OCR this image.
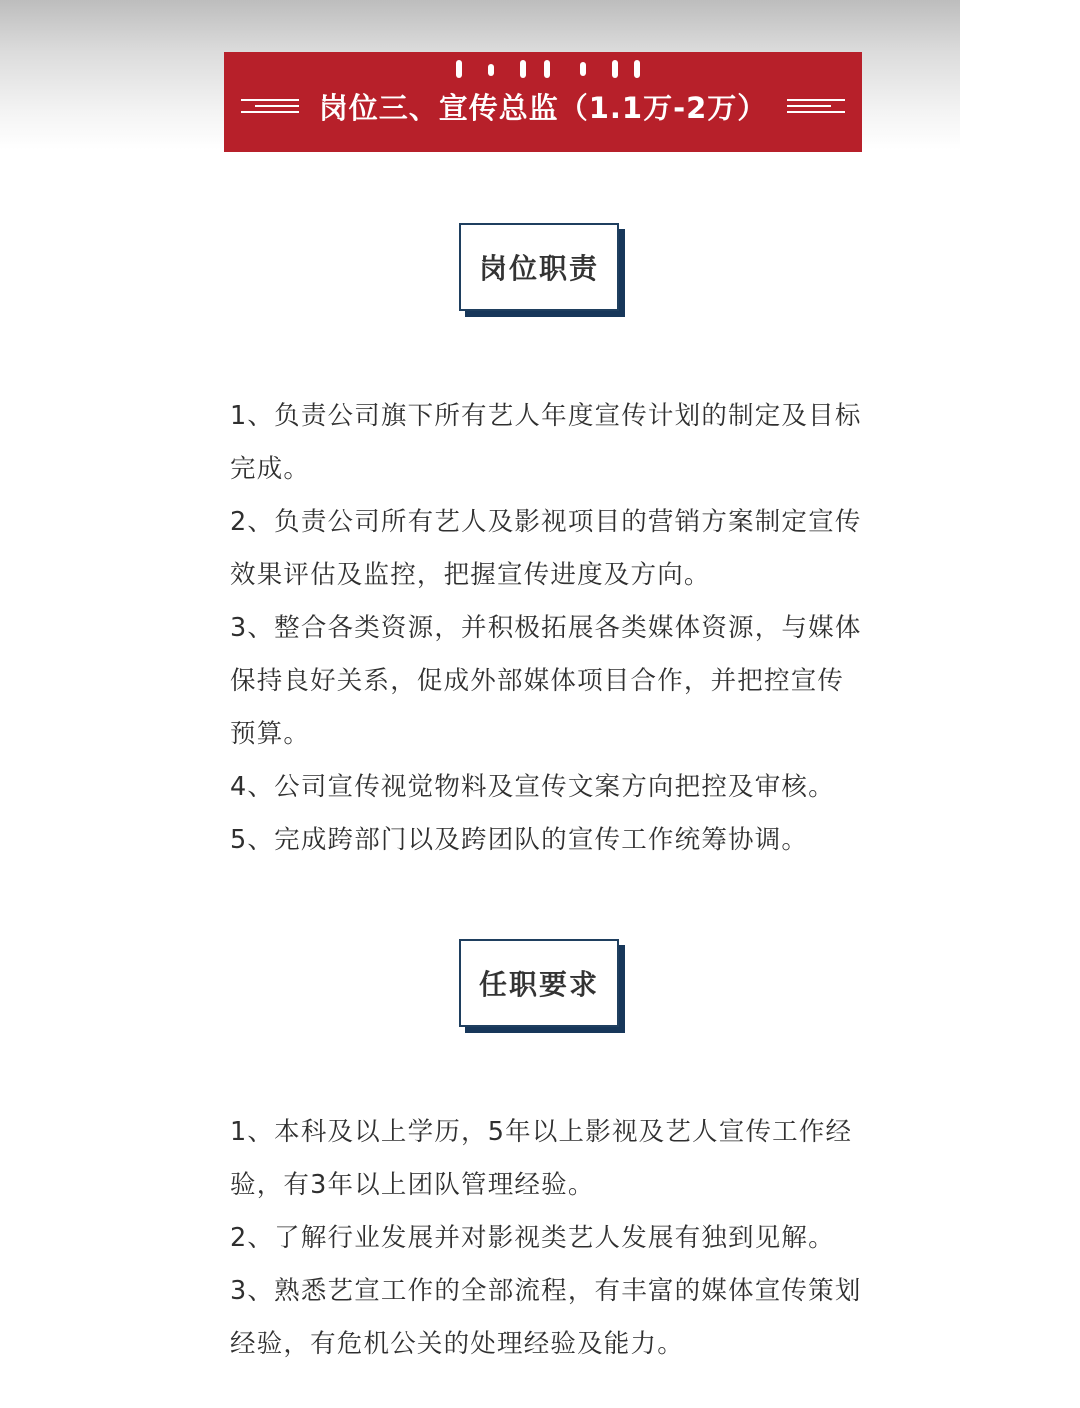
岗位三、宣传总监（1.1万-2万）
岗位职责
1、负责公司旗下所有艺人年度宣传计划的制定及目标完成。
2、负责公司所有艺人及影视项目的营销方案制定宣传效果评估及监控，把握宣传进度及方向。
3、整合各类资源，并积极拓展各类媒体资源，与媒体保持良好关系，促成外部媒体项目合作，并把控宣传预算。
4、公司宣传视觉物料及宣传文案方向把控及审核。
5、完成跨部门以及跨团队的宣传工作统筹协调。
任职要求
1、本科及以上学历，5年以上影视及艺人宣传工作经验，有3年以上团队管理经验。
2、了解行业发展并对影视类艺人发展有独到见解。
3、熟悉艺宣工作的全部流程，有丰富的媒体宣传策划经验，有危机公关的处理经验及能力。
